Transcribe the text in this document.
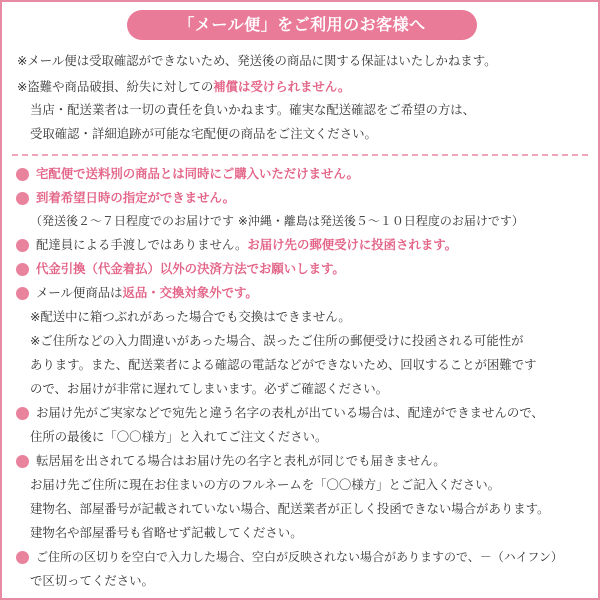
「メール便」をご利用のお客様へ
※メール便は受取確認ができないため、発送後の商品に関する保証はいたしかねます。
※盗難や商品破損、紛失に対しての補償は受けられません。
当店・配送業者は一切の責任を負いかねます。確実な配送確認をご希望の方は、
受取確認・詳細追跡が可能な宅配便の商品をご注文ください。
宅配便で送料別の商品とは同時にご購入いただけません。
到着希望日時の指定ができません。
（発送後２～７日程度でのお届けです ※沖縄・離島は発送後５～１０日程度のお届けです）
配達員による手渡しではありません。お届け先の郵便受けに投函されます。
代金引換（代金着払）以外の決済方法でお願いします。
メール便商品は返品・交換対象外です。
※配送中に箱つぶれがあった場合でも交換はできません。
※ご住所などの入力間違いがあった場合、誤ったご住所の郵便受けに投函される可能性が
あります。また、配送業者による確認の電話などができないため、回収することが困難です
ので、お届けが非常に遅れてしまいます。必ずご確認ください。
お届け先がご実家などで宛先と違う名字の表札が出ている場合は、配達ができませんので、
住所の最後に「〇〇様方」と入れてご注文ください。
転居届を出されてる場合はお届け先の名字と表札が同じでも届きません。
お届け先ご住所に現在お住まいの方のフルネームを「〇〇様方」とご記入ください。
建物名、部屋番号が記載されていない場合、配送業者が正しく投函できない場合があります。
建物名や部屋番号も省略せず記載してください。
ご住所の区切りを空白で入力した場合、空白が反映されない場合がありますので、－（ハイフン）
で区切ってください。
